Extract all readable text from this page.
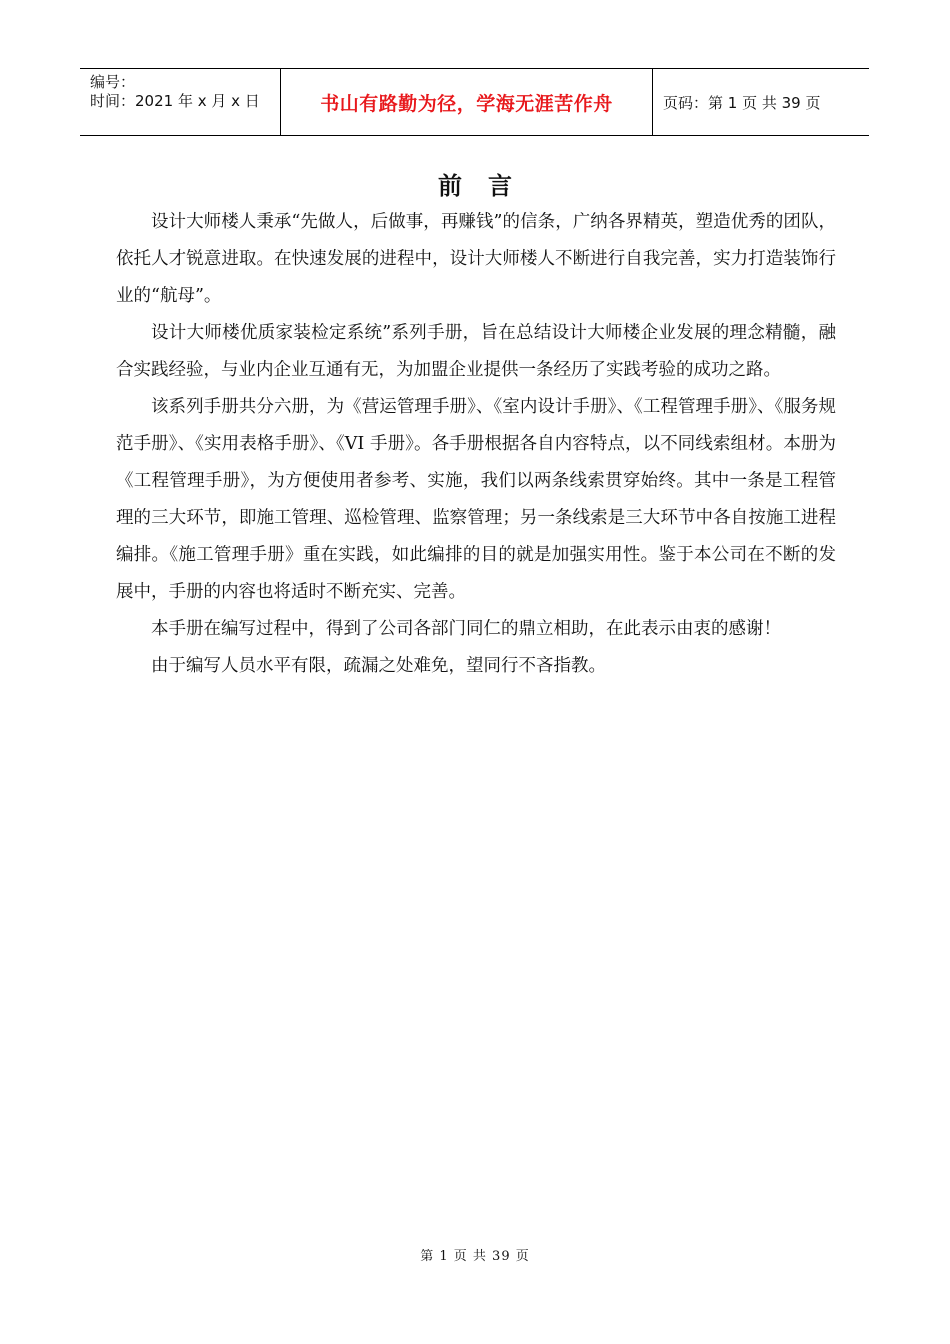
编号：
时间：2021 年 x 月 x 日	书山有路勤为径，学海无涯苦作舟	页码：第 1 页 共 39 页
前言

设计大师楼人秉承“先做人，后做事，再赚钱”的信条，广纳各界精英，塑造优秀的团队，依托人才锐意进取。在快速发展的进程中，设计大师楼人不断进行自我完善，实力打造装饰行业的“航母”。

设计大师楼优质家装检定系统”系列手册，旨在总结设计大师楼企业发展的理念精髓，融合实践经验，与业内企业互通有无，为加盟企业提供一条经历了实践考验的成功之路。

该系列手册共分六册，为《营运管理手册》、《室内设计手册》、《工程管理手册》、《服务规范手册》、《实用表格手册》、《VI 手册》。各手册根据各自内容特点，以不同线索组材。本册为《工程管理手册》，为方便使用者参考、实施，我们以两条线索贯穿始终。其中一条是工程管理的三大环节，即施工管理、巡检管理、监察管理；另一条线索是三大环节中各自按施工进程编排。《施工管理手册》重在实践，如此编排的目的就是加强实用性。鉴于本公司在不断的发展中，手册的内容也将适时不断充实、完善。

本手册在编写过程中，得到了公司各部门同仁的鼎立相助，在此表示由衷的感谢！

由于编写人员水平有限，疏漏之处难免，望同行不吝指教。

第 1 页 共 39 页
